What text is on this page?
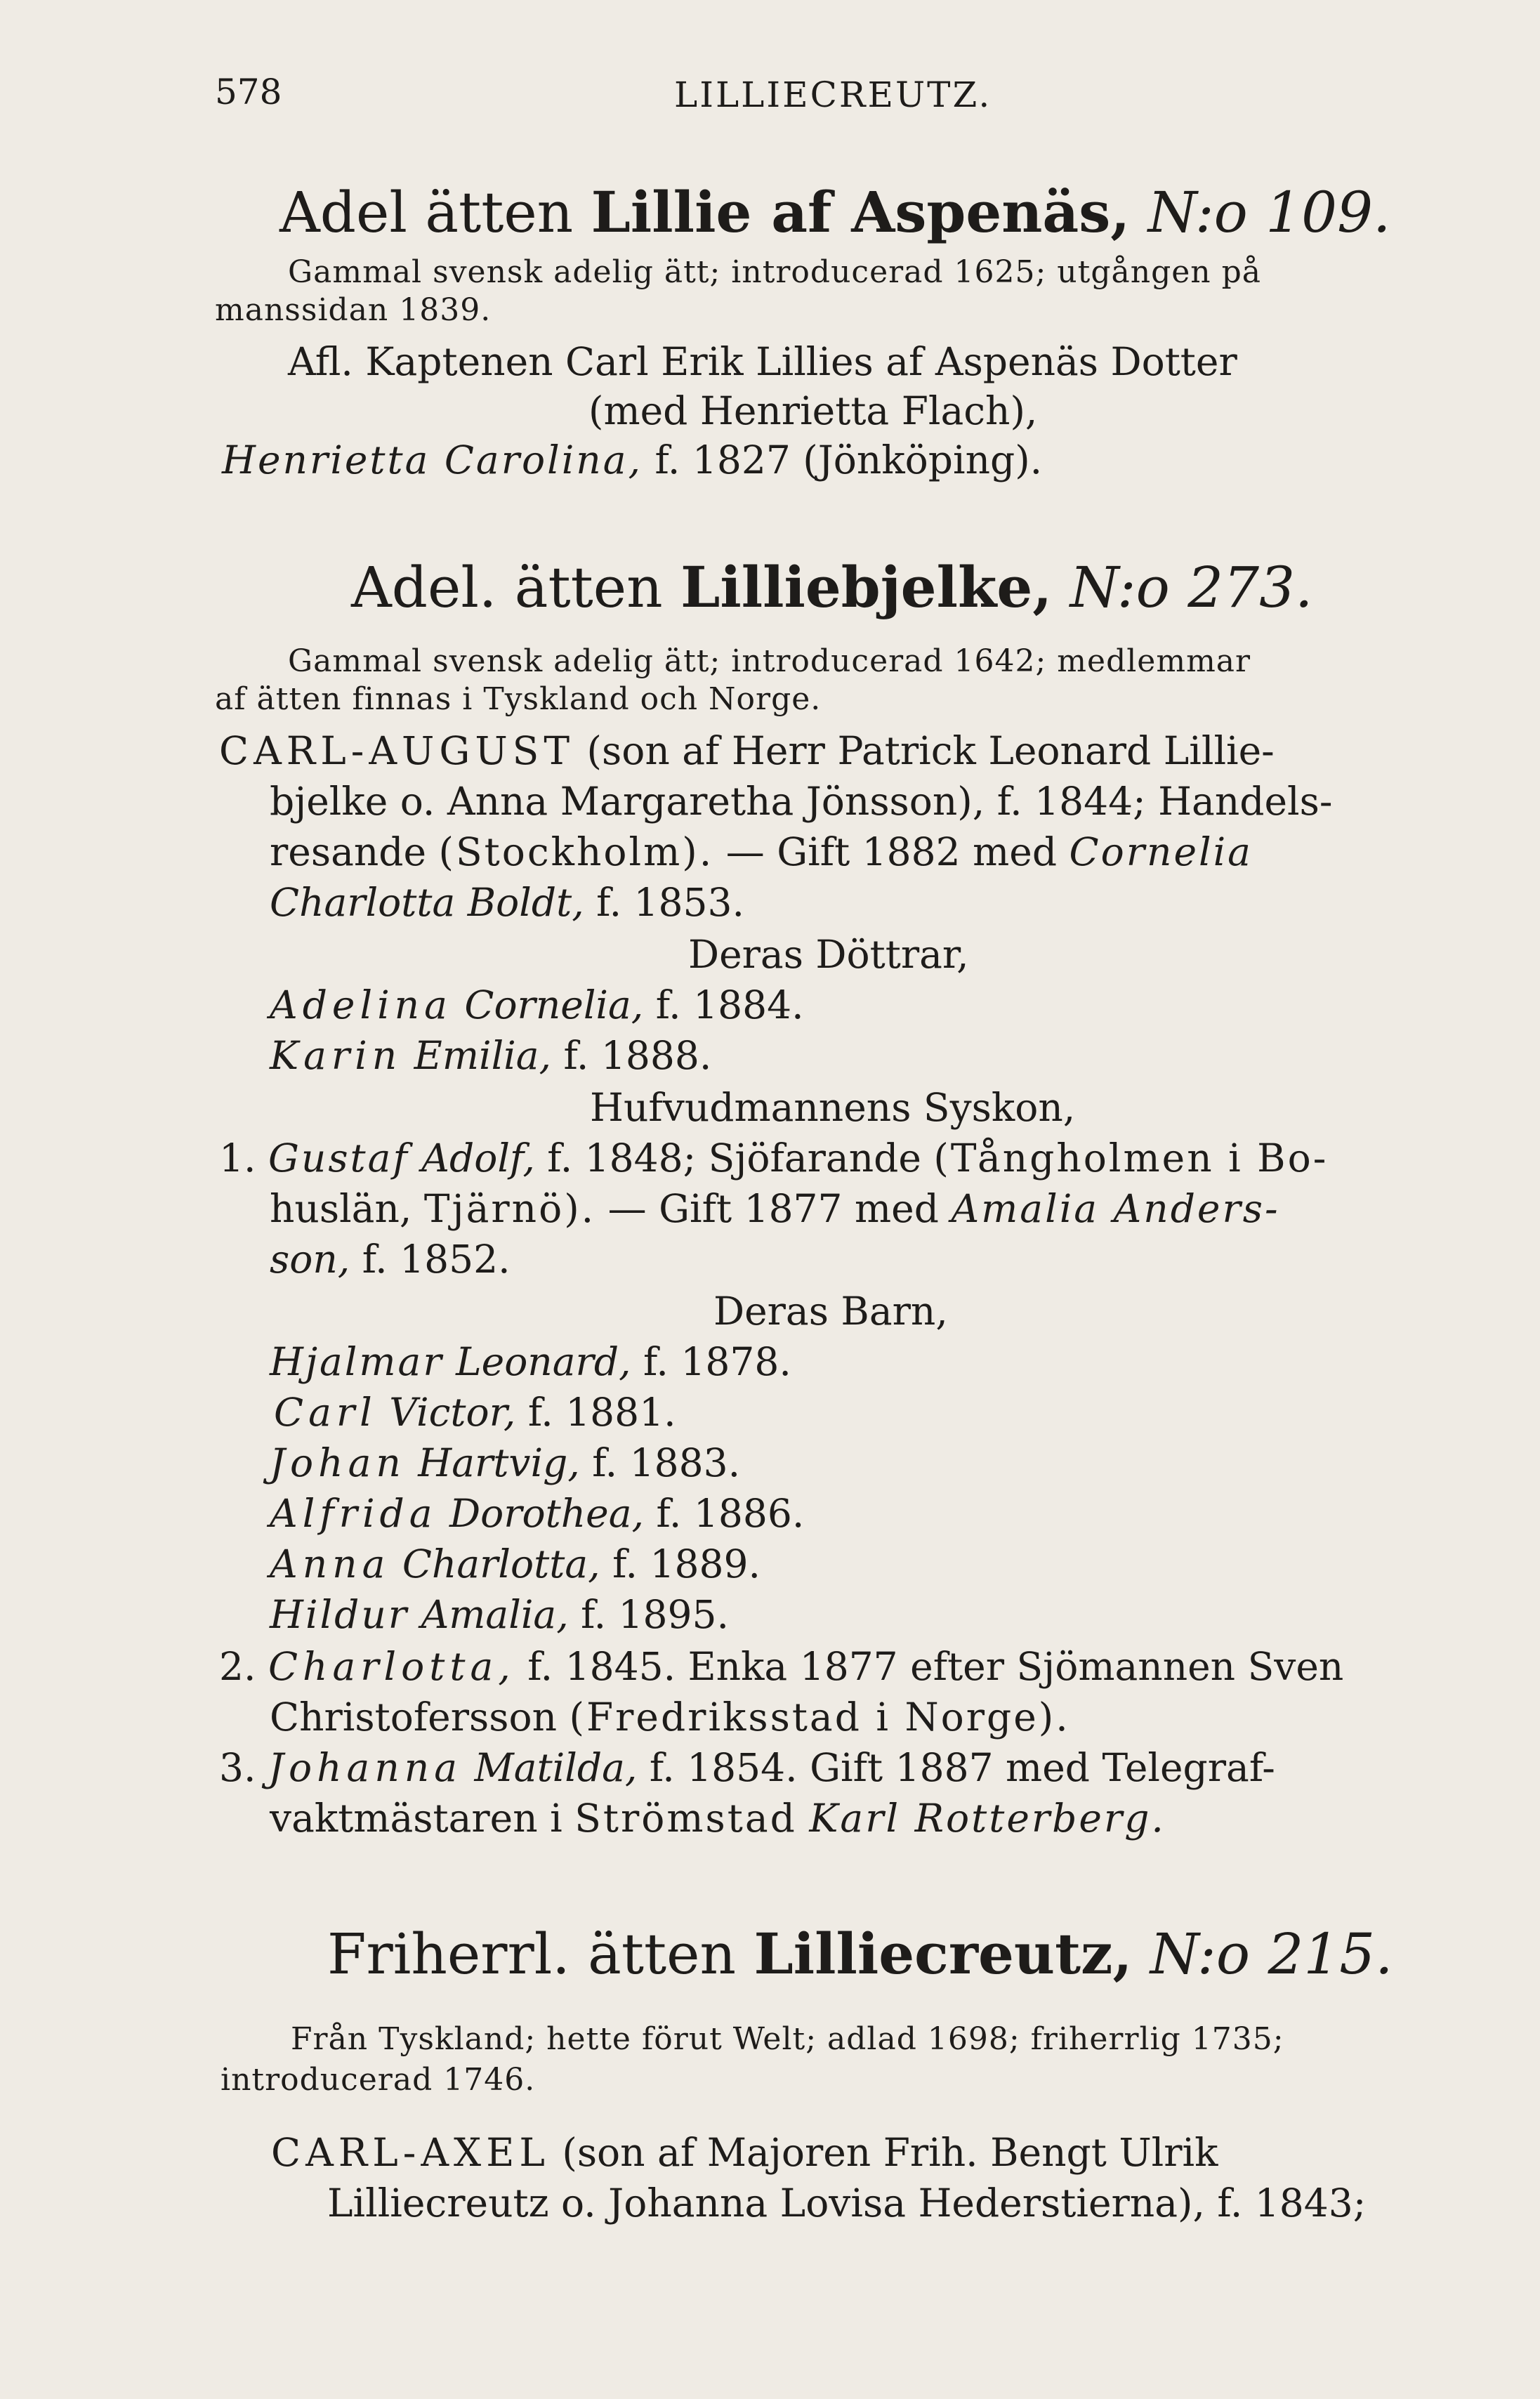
578	LILLIECREUTZ.
Adel ätten Lillie af Aspenäs, N:o 109.
Gammal svensk adelig ätt; introducerad 1625; utgången på
manssidan 1839.
Afl. Kaptenen Carl Erik Lillies af Aspenäs Dotter
(med Henrietta Flach),
Henrietta Carolina, f. 1827 (Jönköping).
Adel. ätten Lilliebjelke, N:o 273.
Gammal svensk adelig ätt; introducerad 1642; medlemmar
af ätten finnas i Tyskland och Norge.
CARL-AUGUST (son af Herr Patrick Leonard Lillie-
bjelke o. Anna Margaretha Jönsson), f. 1844; Handels-
resande (Stockholm). — Gift 1882 med Cornelia
Charlotta Boldt, f. 1853.
Deras Döttrar,
Adelina Cornelia, f. 1884.
Karin Emilia, f. 1888.
Hufvudmannens Syskon,
1. Gustaf Adolf, f. 1848; Sjöfarande (Tångholmen i Bo-
huslän, Tjärnö). — Gift 1877 med Amalia Anders-
son, f. 1852.
Deras Barn,
Hjalmar Leonard, f. 1878.
Carl Victor, f. 1881.
Johan Hartvig, f. 1883.
Alfrida Dorothea, f. 1886.
Anna Charlotta, f. 1889.
Hildur Amalia, f. 1895.
2. Charlotta, f. 1845. Enka 1877 efter Sjömannen Sven
Christofersson (Fredriksstad i Norge).
3. Johanna Matilda, f. 1854. Gift 1887 med Telegraf-
vaktmästaren i Strömstad Karl Rotterberg.
Friherrl. ätten Lilliecreutz, N:o 215.
Från Tyskland; hette förut Welt; adlad 1698; friherrlig 1735;
introducerad 1746.
CARL-AXEL (son af Majoren Frih. Bengt Ulrik
Lilliecreutz o. Johanna Lovisa Hederstierna), f. 1843;
